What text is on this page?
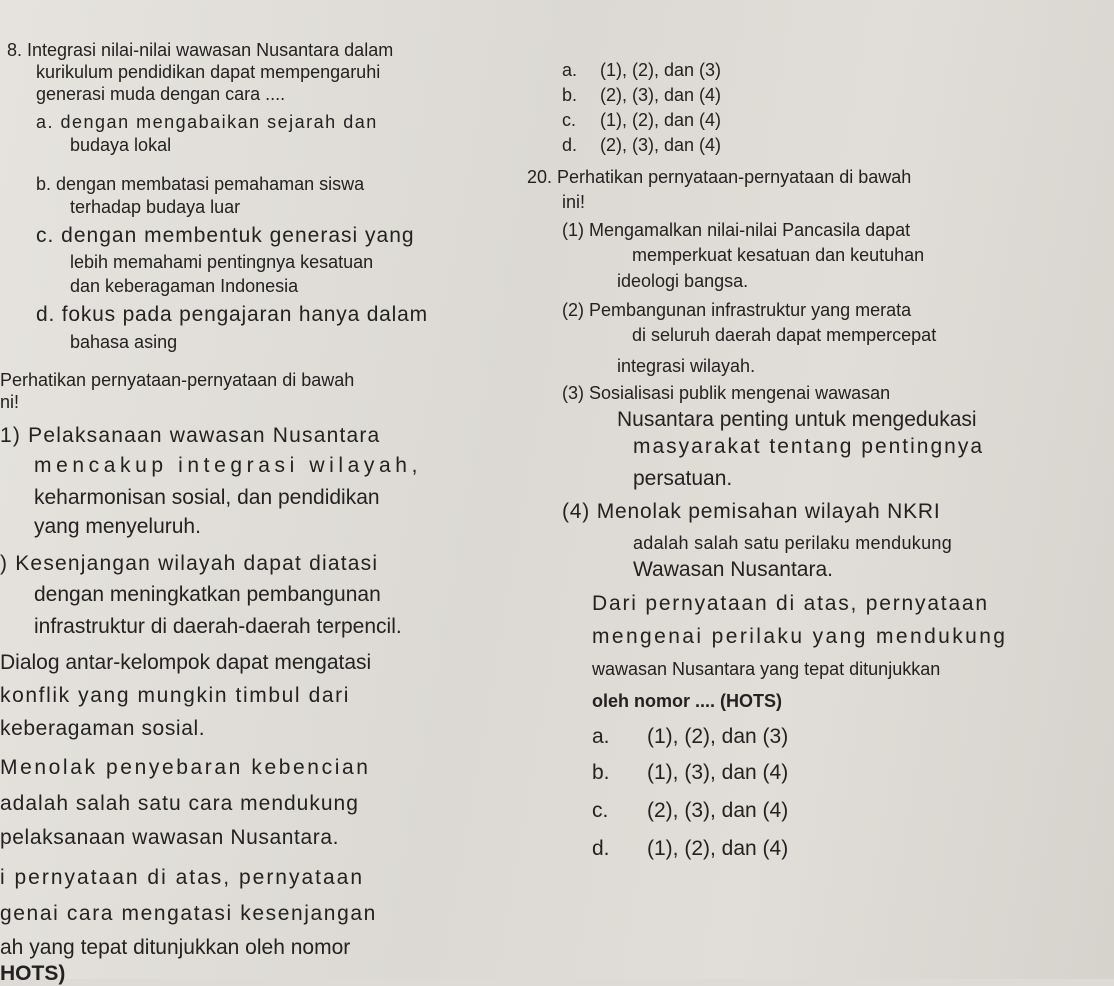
8. Integrasi nilai-nilai wawasan Nusantara dalam
kurikulum pendidikan dapat mempengaruhi
generasi muda dengan cara ....
a. dengan mengabaikan sejarah dan
budaya lokal
b. dengan membatasi pemahaman siswa
terhadap budaya luar
c. dengan membentuk generasi yang
lebih memahami pentingnya kesatuan
dan keberagaman Indonesia
d. fokus pada pengajaran hanya dalam
bahasa asing
Perhatikan pernyataan-pernyataan di bawah
ni!
1) Pelaksanaan wawasan Nusantara
mencakup integrasi wilayah,
keharmonisan sosial, dan pendidikan
yang menyeluruh.
) Kesenjangan wilayah dapat diatasi
dengan meningkatkan pembangunan
infrastruktur di daerah-daerah terpencil.
Dialog antar-kelompok dapat mengatasi
konflik yang mungkin timbul dari
keberagaman sosial.
Menolak penyebaran kebencian
adalah salah satu cara mendukung
pelaksanaan wawasan Nusantara.
i pernyataan di atas, pernyataan
genai cara mengatasi kesenjangan
ah yang tepat ditunjukkan oleh nomor
HOTS)
a. (1), (2), dan (3)
b. (2), (3), dan (4)
c. (1), (2), dan (4)
d. (2), (3), dan (4)
20. Perhatikan pernyataan-pernyataan di bawah
ini!
(1) Mengamalkan nilai-nilai Pancasila dapat
memperkuat kesatuan dan keutuhan
ideologi bangsa.
(2) Pembangunan infrastruktur yang merata
di seluruh daerah dapat mempercepat
integrasi wilayah.
(3) Sosialisasi publik mengenai wawasan
Nusantara penting untuk mengedukasi
masyarakat tentang pentingnya
persatuan.
(4) Menolak pemisahan wilayah NKRI
adalah salah satu perilaku mendukung
Wawasan Nusantara.
Dari pernyataan di atas, pernyataan
mengenai perilaku yang mendukung
wawasan Nusantara yang tepat ditunjukkan
oleh nomor .... (HOTS)
a. (1), (2), dan (3)
b. (1), (3), dan (4)
c. (2), (3), dan (4)
d. (1), (2), dan (4)
